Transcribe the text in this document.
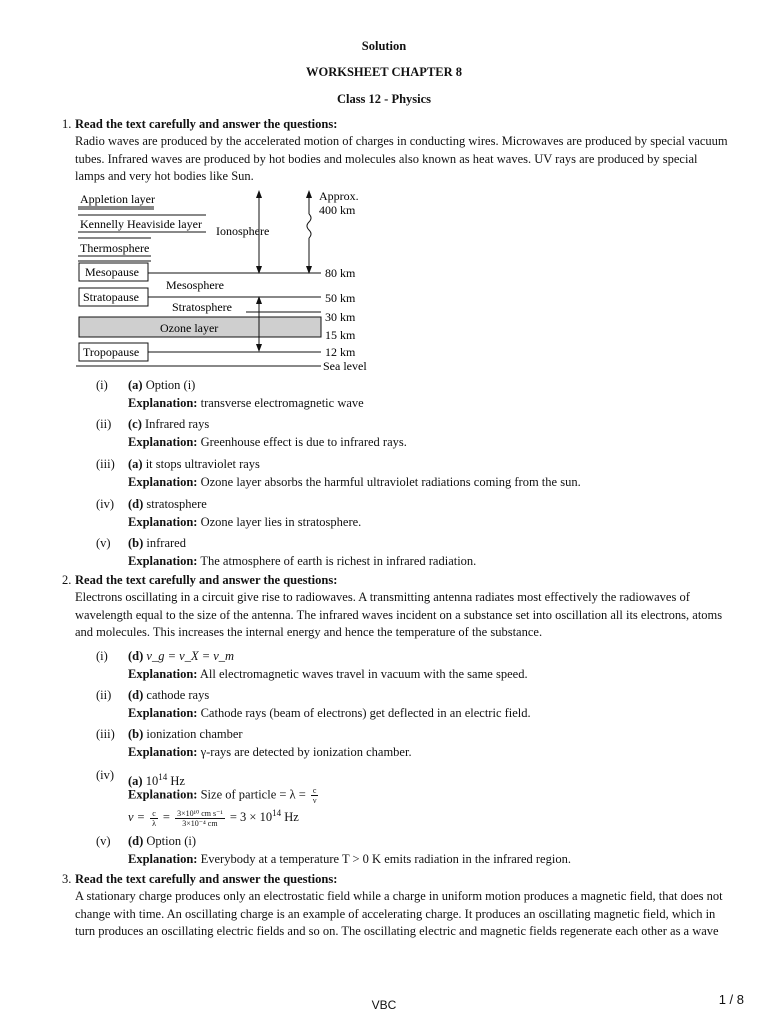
Solution
WORKSHEET CHAPTER 8
Class 12 - Physics
1. Read the text carefully and answer the questions:
Radio waves are produced by the accelerated motion of charges in conducting wires. Microwaves are produced by special vacuum
tubes. Infrared waves are produced by hot bodies and molecules also known as heat waves. UV rays are produced by special
lamps and very hot bodies like Sun.
Appletion layer
Kennelly Heaviside layer
Thermosphere
Mesopause
Stratopause
Ozone layer
Tropopause
Ionosphere
Mesosphere
Stratosphere
Approx.
400 km
80 km
50 km
30 km
15 km
12 km
Sea level
(i) (a) Option (i)
Explanation: transverse electromagnetic wave
(ii) (c) Infrared rays
Explanation: Greenhouse effect is due to infrared rays.
(iii) (a) it stops ultraviolet rays
Explanation: Ozone layer absorbs the harmful ultraviolet radiations coming from the sun.
(iv) (d) stratosphere
Explanation: Ozone layer lies in stratosphere.
(v) (b) infrared
Explanation: The atmosphere of earth is richest in infrared radiation.
2. Read the text carefully and answer the questions:
Electrons oscillating in a circuit give rise to radiowaves. A transmitting antenna radiates most effectively the radiowaves of
wavelength equal to the size of the antenna. The infrared waves incident on a substance set into oscillation all its electrons, atoms
and molecules. This increases the internal energy and hence the temperature of the substance.
(i) (d) v_g = v_X = v_m
Explanation: All electromagnetic waves travel in vacuum with the same speed.
(ii) (d) cathode rays
Explanation: Cathode rays (beam of electrons) get deflected in an electric field.
(iii) (b) ionization chamber
Explanation: γ-rays are detected by ionization chamber.
(iv) (a) $10^{14}$ Hz
Explanation: Size of particle = $\lambda = \frac{c}{\nu}$
$\nu = \frac{c}{\lambda} = \frac{\text{3×10¹⁰ cm s⁻¹}}{\text{3×10⁻⁴ cm}} = 3 \times 10^{14}$ Hz
(v) (d) Option (i)
Explanation: Everybody at a temperature T > 0 K emits radiation in the infrared region.
3. Read the text carefully and answer the questions:
A stationary charge produces only an electrostatic field while a charge in uniform motion produces a magnetic field, that does not
change with time. An oscillating charge is an example of accelerating charge. It produces an oscillating magnetic field, which in
turn produces an oscillating electric fields and so on. The oscillating electric and magnetic fields regenerate each other as a wave
VBC	1 / 8
